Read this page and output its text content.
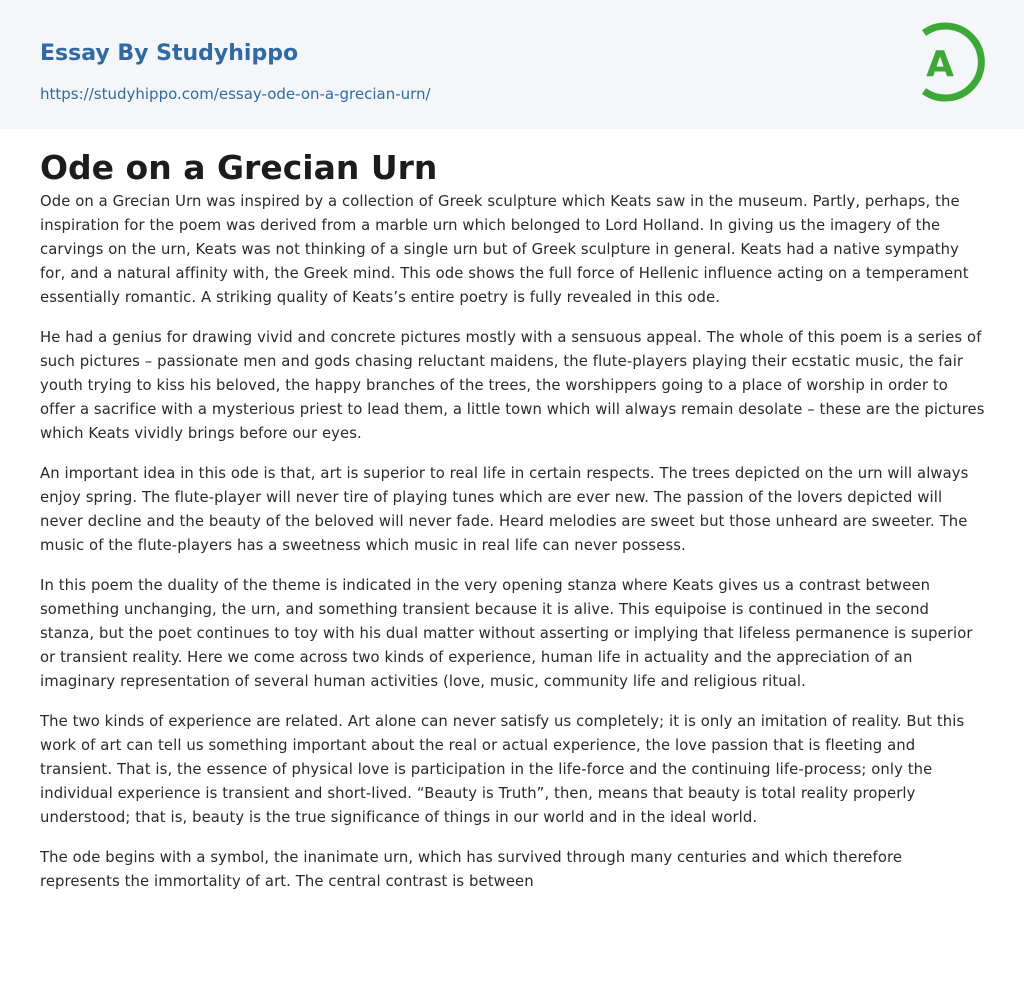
Essay By Studyhippo
https://studyhippo.com/essay-ode-on-a-grecian-urn/
A
Ode on a Grecian Urn

Ode on a Grecian Urn was inspired by a collection of Greek sculpture which Keats saw in the museum. Partly, perhaps, the inspiration for the poem was derived from a marble urn which belonged to Lord Holland. In giving us the imagery of the carvings on the urn, Keats was not thinking of a single urn but of Greek sculpture in general. Keats had a native sympathy for, and a natural affinity with, the Greek mind. This ode shows the full force of Hellenic influence acting on a temperament essentially romantic. A striking quality of Keats’s entire poetry is fully revealed in this ode.

He had a genius for drawing vivid and concrete pictures mostly with a sensuous appeal. The whole of this poem is a series of such pictures – passionate men and gods chasing reluctant maidens, the flute-players playing their ecstatic music, the fair youth trying to kiss his beloved, the happy branches of the trees, the worshippers going to a place of worship in order to offer a sacrifice with a mysterious priest to lead them, a little town which will always remain desolate – these are the pictures which Keats vividly brings before our eyes.

An important idea in this ode is that, art is superior to real life in certain respects. The trees depicted on the urn will always enjoy spring. The flute-player will never tire of playing tunes which are ever new. The passion of the lovers depicted will never decline and the beauty of the beloved will never fade. Heard melodies are sweet but those unheard are sweeter. The music of the flute-players has a sweetness which music in real life can never possess.

In this poem the duality of the theme is indicated in the very opening stanza where Keats gives us a contrast between something unchanging, the urn, and something transient because it is alive. This equipoise is continued in the second stanza, but the poet continues to toy with his dual matter without asserting or implying that lifeless permanence is superior or transient reality. Here we come across two kinds of experience, human life in actuality and the appreciation of an imaginary representation of several human activities (love, music, community life and religious ritual.

The two kinds of experience are related. Art alone can never satisfy us completely; it is only an imitation of reality. But this work of art can tell us something important about the real or actual experience, the love passion that is fleeting and transient. That is, the essence of physical love is participation in the life-force and the continuing life-process; only the individual experience is transient and short-lived. “Beauty is Truth”, then, means that beauty is total reality properly understood; that is, beauty is the true significance of things in our world and in the ideal world.

The ode begins with a symbol, the inanimate urn, which has survived through many centuries and which therefore represents the immortality of art. The central contrast is between
